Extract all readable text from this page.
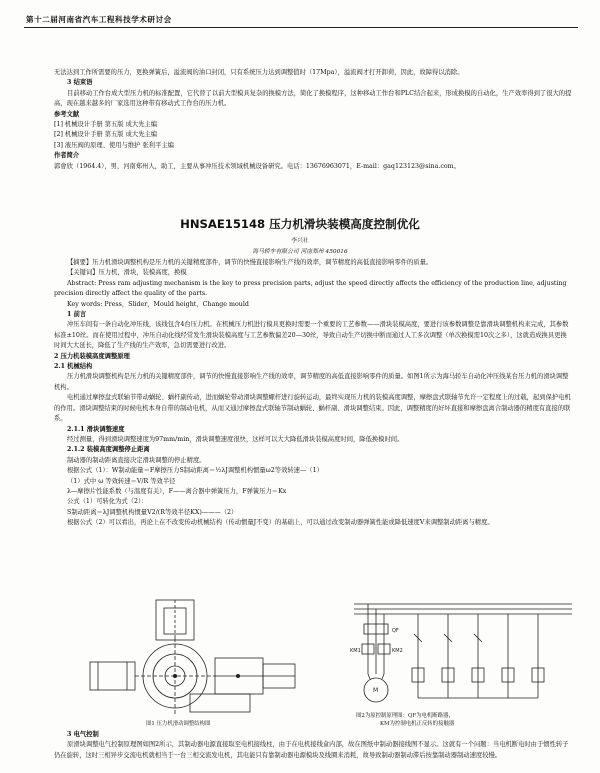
第十二届河南省汽车工程科技学术研讨会

无法达到工作所需要的压力，更换弹簧后，溢流阀的油口封闭，只有系统压力达到调整值时（17Mpa），溢流阀才打开卸荷，因此，故障得以消除。

3 结束语

目前移动工作台成大型压力机的标准配置，它代替了以前大型模具复杂的换模方法，简化了换模程序，这种移动工作台和PLC结合起来，形成换模的自动化，生产效率得到了很大的提高，现在越来越多的厂家选用这种带有移动式工作台的压力机。

参考文献

[1] 机械设计手册 第五版 成大先主编

[2] 机械设计手册 第五版 成大先主编

[3] 液压阀的原理、使用与维护 张利平主编

作者简介

郭會欣（1964.4），男，河南郑州人，助工，主要从事冲压技术领域机械设备研究。电话：13676963071，E-mail：gaq123123@sina.com。

HNSAE15148 压力机滑块装模高度控制优化
李兴社
海马轿车有限公司 河南郑州 450016

【摘要】压力机滑块调整机构是压力机的关键精度部件，调节的快慢直接影响生产线的效率，调节精度的高低直接影响零件的质量。

【关键词】压力机，滑块，装模高度，换模

Abstract: Press ram adjusting mechanism is the key to press precision parts, adjust the speed directly affects the efficiency of the production line, adjusting precision directly affect the quality of the parts.

Key words: Press，Slider，Mould height，Change mould

1 前言

冲压车间有一条自动化冲压线，该线包含4台压力机。在机械压力机进行模具更换时需要一个重要的工艺参数——滑块装模高度，要进行该参数调整是靠滑块调整机构来完成，其参数标准±10丝。而在使用过程中，冲压自动化线经常发生滑块装模高度与工艺参数偏差20—30丝，导致自动生产切换中断而通过人工多次调整（单次换模需10次之多），这就造成换具更换时间大大延长，降低了生产线的生产效率，急切需要进行改进。

2 压力机装模高度调整原理

2.1 机械结构

压力机滑块调整机构是压力机的关键精度部件，调节的快慢直接影响生产线的效率，调节精度的高低直接影响零件的质量。如图1所示为海马轿车自动化冲压线某台压力机的滑块调整机构。

电机通过摩擦盘式联轴节带动蜗轮、蜗杆副传动，进而蜗轮带动滑块调整螺杆进行旋转运动，最终实现压力机的装模高度调整，摩擦盘式联轴节允许一定程度上的过载，起到保护电机的作用。滑块调整结束的时候电机本身自带的制动电机，从而又通过摩擦盘式联轴节制动蜗轮、蜗杆副、滑块调整结束。因此，调整精度的好坏直接和摩擦盘离合制动器的精度有直接的联系。

2.1.1 滑块调整速度

经过测量，得到滑块调整速度为97mm/min，滑块调整速度很快，这样可以大大降低滑块装模高度时间，降低换模时间。

2.1.2 装模高度调整停止距离

制动器的制动距离直接决定滑块调整的停止精度。

根据公式（1）：W制动能量＝F摩擦压力S制动距离＝½λJ调整机构惯量ω2等效转速—（1）

（1）式中 ω 等效转速＝V/R 等效半径

λ—摩擦片性能系数（与温度有关），F——离合器中弹簧压力，F弹簧压力＝Kx

公式（1）可转化为式（2）：

S制动距离＝λJ调整机构惯量V2/(R等效半径KX)———（2）

根据公式（2）可以看出，再论上在不改变传动机械结构（传动惯量J不变）的基础上，可以通过改变制动器弹簧性能或降低速度V来调整制动距离与精度。

图1 压力机滑动调整结构图
QF
KM1	KM2
M
图2为原控制原理图：QF为电机断路器，
KM为控制电机正反转的接触器

3 电气控制

原滑块调整电气控制原理图如图2所示，其制动器电源直接取至电机接线柱，由于在电机接线盒内部，故在图纸中制动器接线图不显示。这就有一个问题：当电机断电时由于惯性转子仍在旋转，这时三相异步交流电机就相当于一台三相交流发电机，其电能只有靠制动器电源模块及线圈来消耗，故导致制动器制动滞后按靠制动器制动速度较慢。
